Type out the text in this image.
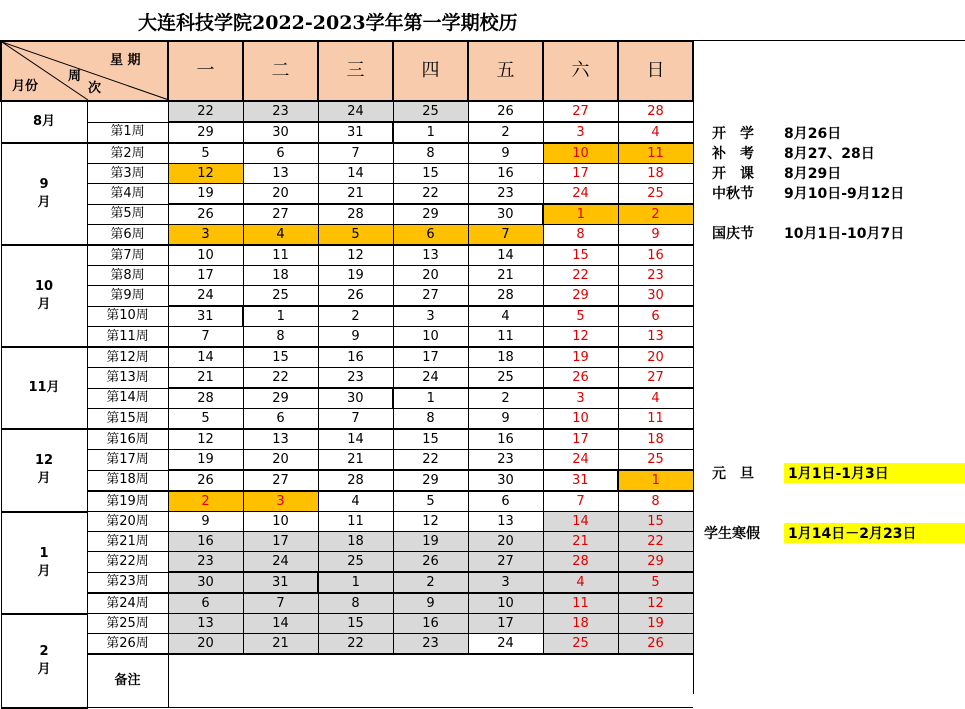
大连科技学院2022-2023学年第一学期校历
星 期
周
月份 次		一	二	三	四	五	六	日
8月		22	23	24	25	26	27	28
	第1周	29	30	31	1	2	3	4
9
月	第2周	5	6	7	8	9	10	11
	第3周	12	13	14	15	16	17	18
	第4周	19	20	21	22	23	24	25
	第5周	26	27	28	29	30	1	2
	第6周	3	4	5	6	7	8	9
10
月	第7周	10	11	12	13	14	15	16
	第8周	17	18	19	20	21	22	23
	第9周	24	25	26	27	28	29	30
	第10周	31	1	2	3	4	5	6
	第11周	7	8	9	10	11	12	13
11月	第12周	14	15	16	17	18	19	20
	第13周	21	22	23	24	25	26	27
	第14周	28	29	30	1	2	3	4
	第15周	5	6	7	8	9	10	11
12
月	第16周	12	13	14	15	16	17	18
	第17周	19	20	21	22	23	24	25
	第18周	26	27	28	29	30	31	1
	第19周	2	3	4	5	6	7	8
1
月	第20周	9	10	11	12	13	14	15
	第21周	16	17	18	19	20	21	22
	第22周	23	24	25	26	27	28	29
	第23周	30	31	1	2	3	4	5
	第24周	6	7	8	9	10	11	12
2
月	第25周	13	14	15	16	17	18	19
	第26周	20	21	22	23	24	25	26
	备注							
开　学 8月26日
补　考 8月27、28日
开　课 8月29日
中秋节 9月10日-9月12日
国庆节 10月1日-10月7日
元　旦 1月1日-1月3日
学生寒假 1月14日－2月23日
